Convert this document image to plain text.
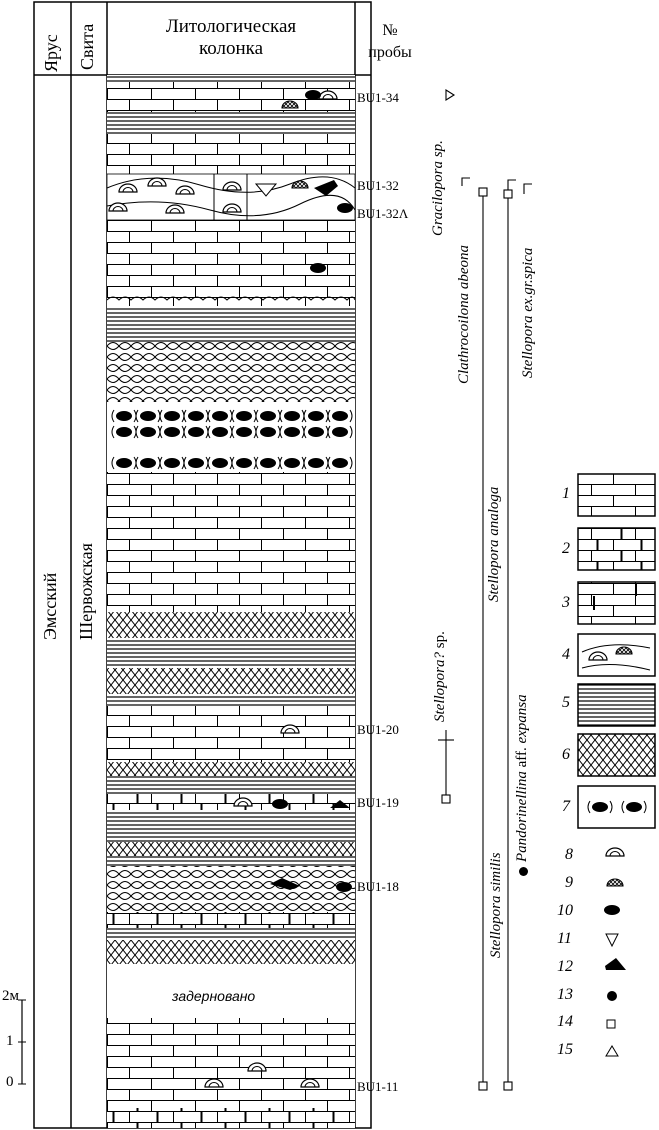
Ярус Свита	Литологическая
колонка
№
пробы
Эмсский Шервожская
задерновано
BU1-34
BU1-32
BU1-32Λ
BU1-20
BU1-19
BU1-18
BU1-11
Gracilopora sp.
Clathrocoilona abeona	Stellopora ex.gr.spica
Stellopora analoga
Stellopora? sp.
Pandorinellina aff. expansa
Stellopora similis
2м
1
0
1
2
3
4
5
6
7
8
9
10
11
12
13
14
15
